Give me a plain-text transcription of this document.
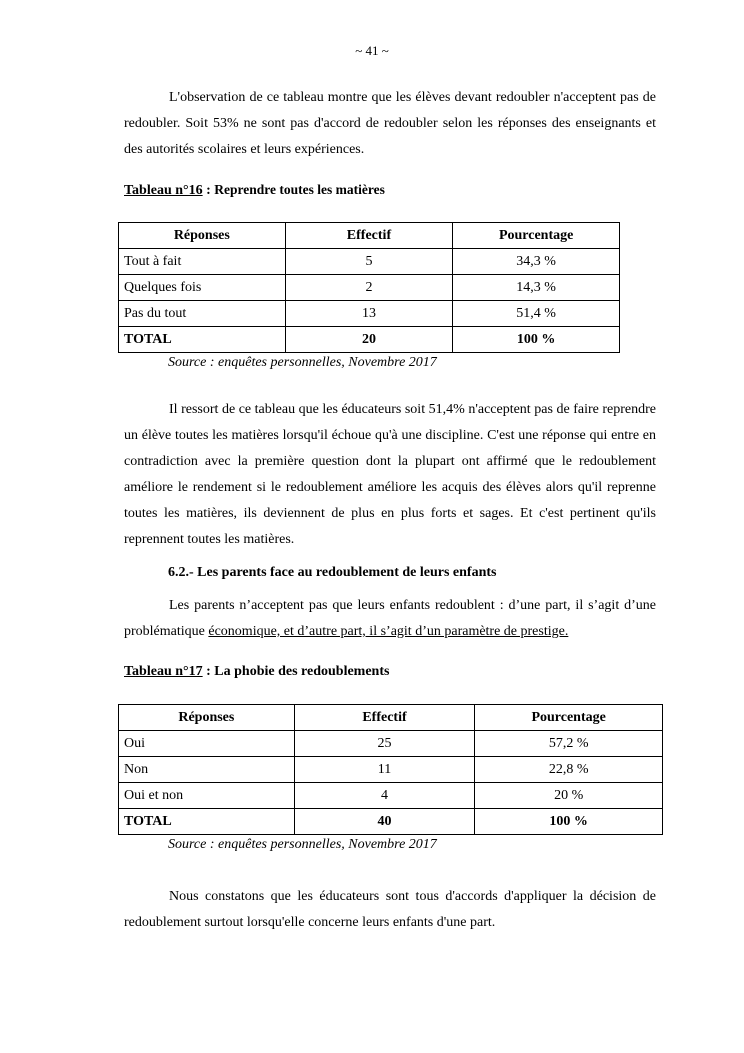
~ 41 ~

L'observation de ce tableau montre que les élèves devant redoubler n'acceptent pas de redoubler. Soit 53% ne sont pas d'accord de redoubler selon les réponses des enseignants et des autorités scolaires et leurs expériences.

Tableau n°16 : Reprendre toutes les matières

Réponses	Effectif	Pourcentage
Tout à fait	5	34,3 %
Quelques fois	2	14,3 %
Pas du tout	13	51,4 %
TOTAL	20	100 %

Source : enquêtes personnelles, Novembre 2017

Il ressort de ce tableau que les éducateurs soit 51,4% n'acceptent pas de faire reprendre un élève toutes les matières lorsqu'il échoue qu'à une discipline. C'est une réponse qui entre en contradiction avec la première question dont la plupart ont affirmé que le redoublement améliore le rendement si le redoublement améliore les acquis des élèves alors qu'il reprenne toutes les matières, ils deviennent de plus en plus forts et sages. Et c'est pertinent qu'ils reprennent toutes les matières.

6.2.- Les parents face au redoublement de leurs enfants

Les parents n’acceptent pas que leurs enfants redoublent : d’une part, il s’agit d’une problématique économique, et d’autre part, il s’agit d’un paramètre de prestige.

Tableau n°17 : La phobie des redoublements

Réponses	Effectif	Pourcentage
Oui	25	57,2 %
Non	11	22,8 %
Oui et non	4	20 %
TOTAL	40	100 %

Source : enquêtes personnelles, Novembre 2017

Nous constatons que les éducateurs sont tous d'accords d'appliquer la décision de redoublement surtout lorsqu'elle concerne leurs enfants d'une part.
